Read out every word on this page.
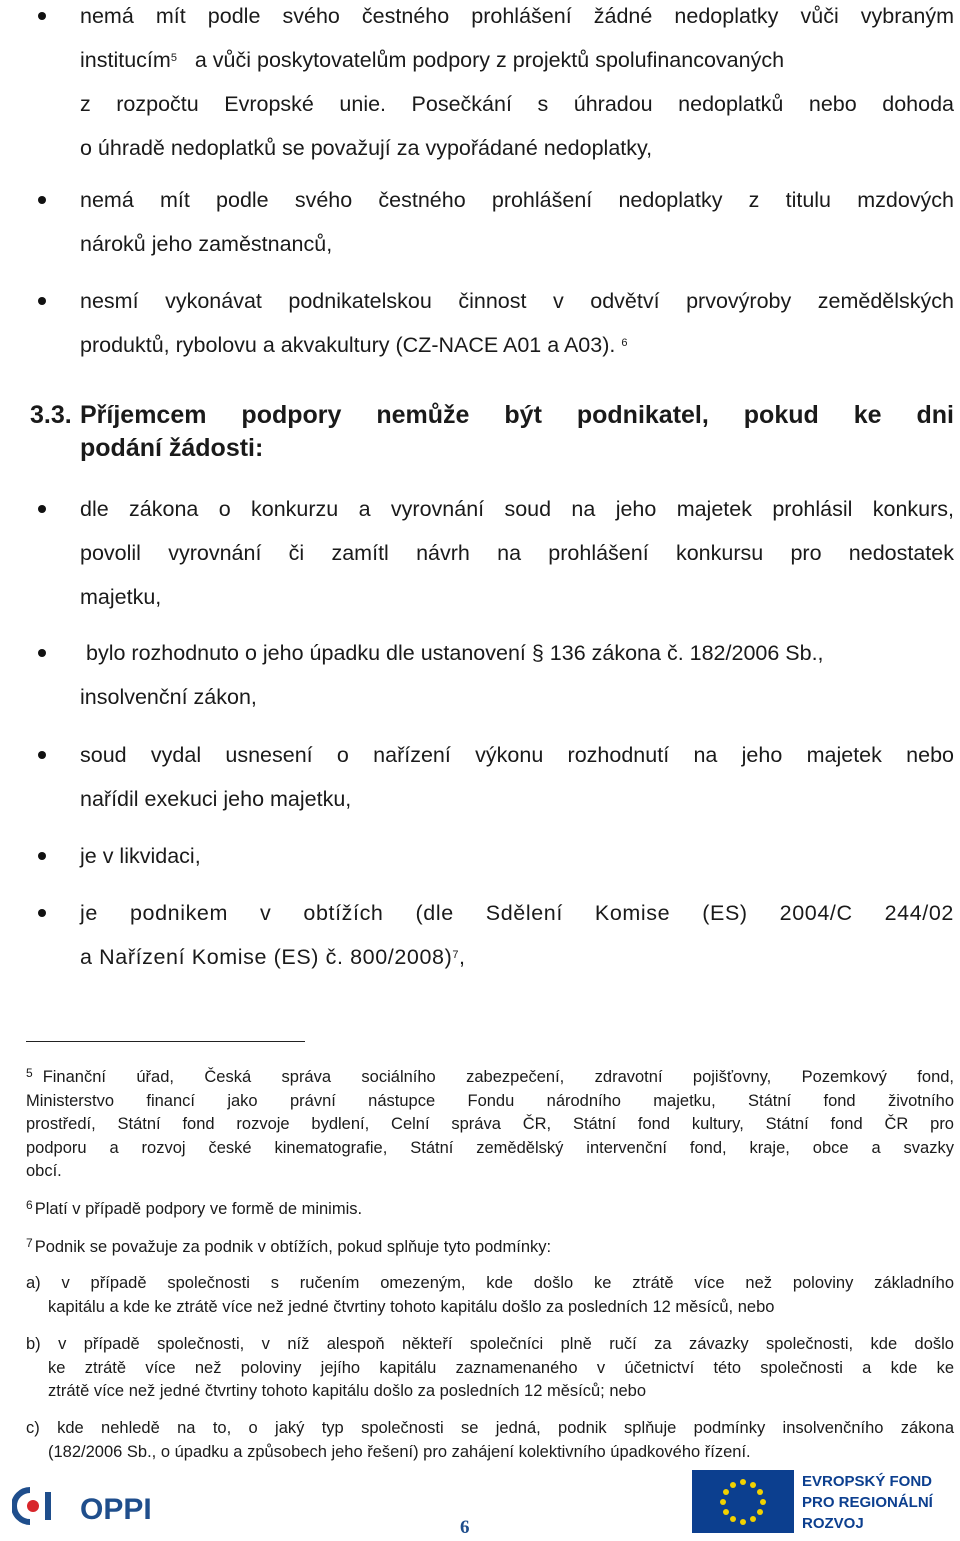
nemá mít podle svého čestného prohlášení žádné nedoplatky vůči vybraným
institucím$^5$ a vůči poskytovatelům podpory z projektů spolufinancovaných
z rozpočtu Evropské unie. Posečkání s úhradou nedoplatků nebo dohoda
o úhradě nedoplatků se považují za vypořádané nedoplatky,
nemá mít podle svého čestného prohlášení nedoplatky z titulu mzdových
nároků jeho zaměstnanců,
nesmí vykonávat podnikatelskou činnost v odvětví prvovýroby zemědělských
produktů, rybolovu a akvakultury (CZ-NACE A01 a A03). $^6$
3.3. Příjemcem podpory nemůže být podnikatel, pokud ke dni
podání žádosti:
dle zákona o konkurzu a vyrovnání soud na jeho majetek prohlásil konkurs,
povolil vyrovnání či zamítl návrh na prohlášení konkursu pro nedostatek
majetku,
bylo rozhodnuto o jeho úpadku dle ustanovení § 136 zákona č. 182/2006 Sb.,
insolvenční zákon,
soud vydal usnesení o nařízení výkonu rozhodnutí na jeho majetek nebo
nařídil exekuci jeho majetku,
je v likvidaci,
je podnikem v obtížích (dle Sdělení Komise (ES) 2004/C 244/02
a Nařízení Komise (ES) č. 800/2008)$^7$,
$^5$ Finanční úřad, Česká správa sociálního zabezpečení, zdravotní pojišťovny, Pozemkový fond,
Ministerstvo financí jako právní nástupce Fondu národního majetku, Státní fond životního
prostředí, Státní fond rozvoje bydlení, Celní správa ČR, Státní fond kultury, Státní fond ČR pro
podporu a rozvoj české kinematografie, Státní zemědělský intervenční fond, kraje, obce a svazky
obcí.
$^6$ Platí v případě podpory ve formě de minimis.
$^7$ Podnik se považuje za podnik v obtížích, pokud splňuje tyto podmínky:
a) v případě společnosti s ručením omezeným, kde došlo ke ztrátě více než poloviny základního
kapitálu a kde ke ztrátě více než jedné čtvrtiny tohoto kapitálu došlo za posledních 12 měsíců, nebo
b) v případě společnosti, v níž alespoň někteří společníci plně ručí za závazky společnosti, kde došlo
ke ztrátě více než poloviny jejího kapitálu zaznamenaného v účetnictví této společnosti a kde ke
ztrátě více než jedné čtvrtiny tohoto kapitálu došlo za posledních 12 měsíců; nebo
c) kde nehledě na to, o jaký typ společnosti se jedná, podnik splňuje podmínky insolvenčního zákona
(182/2006 Sb., o úpadku a způsobech jeho řešení) pro zahájení kolektivního úpadkového řízení.
OPPI
6
EVROPSKÝ FOND
PRO REGIONÁLNÍ
ROZVOJ
